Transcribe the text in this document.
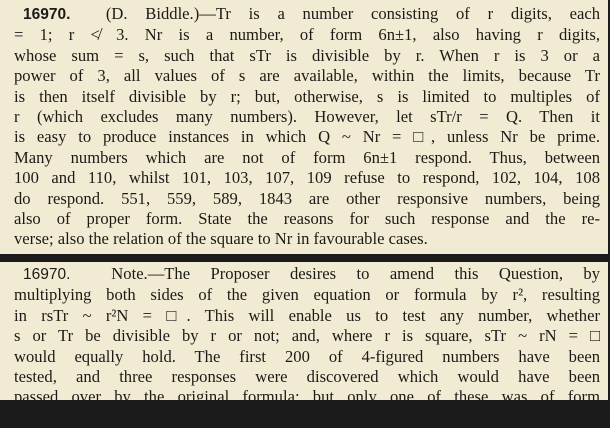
16970. (D. Biddle.)—Tr is a number consisting of r digits, each
= 1; r ≮ 3. Nr is a number, of form 6n±1, also having r digits,
whose sum = s, such that sTr is divisible by r. When r is 3 or a
power of 3, all values of s are available, within the limits, because Tr
is then itself divisible by r; but, otherwise, s is limited to multiples of
r (which excludes many numbers). However, let sTr/r = Q. Then it
is easy to produce instances in which Q ~ Nr = □, unless Nr be prime.
Many numbers which are not of form 6n±1 respond. Thus, between
100 and 110, whilst 101, 103, 107, 109 refuse to respond, 102, 104, 108
do respond. 551, 559, 589, 1843 are other responsive numbers, being
also of proper form. State the reasons for such response and the re-
verse; also the relation of the square to Nr in favourable cases.

16970. Note.—The Proposer desires to amend this Question, by
multiplying both sides of the given equation or formula by r², resulting
in rsTr ~ r²N = □. This will enable us to test any number, whether
s or Tr be divisible by r or not; and, where r is square, sTr ~ rN = □
would equally hold. The first 200 of 4-figured numbers have been
tested, and three responses were discovered which would have been
passed over by the original formula; but only one of these was of form
6n±1, and this a prime, namely, 1163.
